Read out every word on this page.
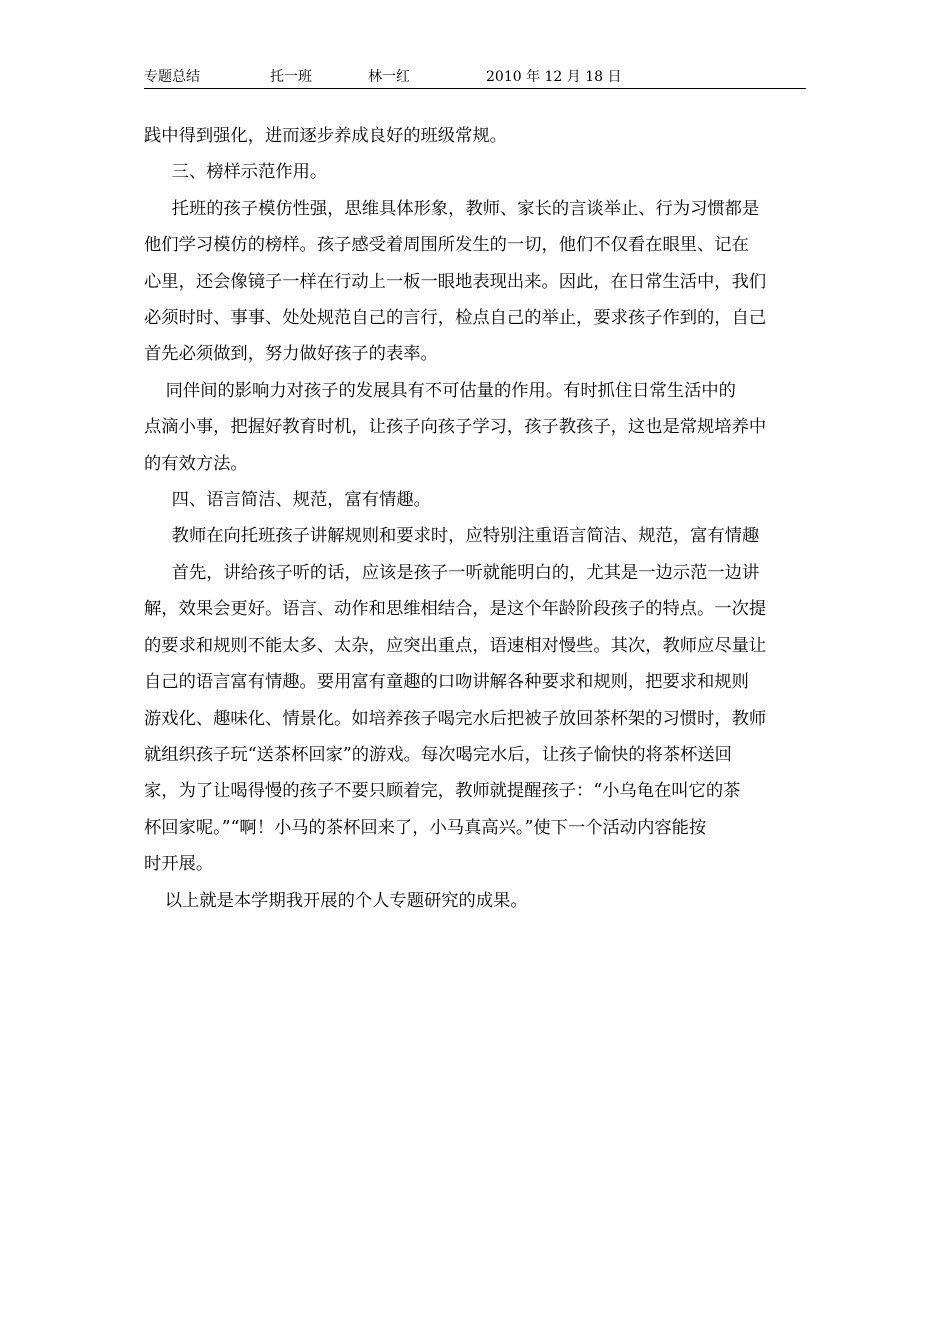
专题总结	托一班	林一红	2010 年 12 月 18 日

践中得到强化，进而逐步养成良好的班级常规。

三、榜样示范作用。

托班的孩子模仿性强，思维具体形象，教师、家长的言谈举止、行为习惯都是

他们学习模仿的榜样。孩子感受着周围所发生的一切，他们不仅看在眼里、记在

心里，还会像镜子一样在行动上一板一眼地表现出来。因此，在日常生活中，我们

必须时时、事事、处处规范自己的言行，检点自己的举止，要求孩子作到的，自己

首先必须做到，努力做好孩子的表率。

同伴间的影响力对孩子的发展具有不可估量的作用。有时抓住日常生活中的

点滴小事，把握好教育时机，让孩子向孩子学习，孩子教孩子，这也是常规培养中

的有效方法。

四、语言简洁、规范，富有情趣。

教师在向托班孩子讲解规则和要求时，应特别注重语言简洁、规范，富有情趣

首先，讲给孩子听的话，应该是孩子一听就能明白的，尤其是一边示范一边讲

解，效果会更好。语言、动作和思维相结合，是这个年龄阶段孩子的特点。一次提

的要求和规则不能太多、太杂，应突出重点，语速相对慢些。其次，教师应尽量让

自己的语言富有情趣。要用富有童趣的口吻讲解各种要求和规则，把要求和规则

游戏化、趣味化、情景化。如培养孩子喝完水后把被子放回茶杯架的习惯时，教师

就组织孩子玩“送茶杯回家”的游戏。每次喝完水后，让孩子愉快的将茶杯送回

家，为了让喝得慢的孩子不要只顾着完，教师就提醒孩子：“小乌龟在叫它的茶

杯回家呢。”“啊！小马的茶杯回来了，小马真高兴。”使下一个活动内容能按

时开展。

以上就是本学期我开展的个人专题研究的成果。
